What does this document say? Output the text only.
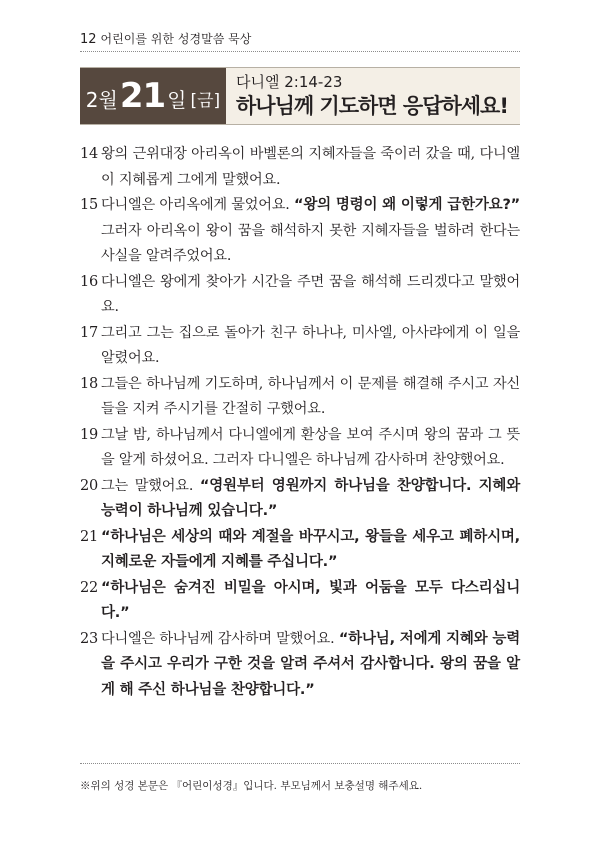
12 어린이를 위한 성경말씀 묵상
2월 21 일 [금]
다니엘 2:14-23
하나님께 기도하면 응답하세요!

14 왕의 근위대장 아리옥이 바벨론의 지혜자들을 죽이러 갔을 때, 다니엘이 지혜롭게 그에게 말했어요.

15 다니엘은 아리옥에게 물었어요. “왕의 명령이 왜 이렇게 급한가요?” 그러자 아리옥이 왕이 꿈을 해석하지 못한 지혜자들을 벌하려 한다는 사실을 알려주었어요.

16 다니엘은 왕에게 찾아가 시간을 주면 꿈을 해석해 드리겠다고 말했어요.

17 그리고 그는 집으로 돌아가 친구 하나냐, 미사엘, 아사랴에게 이 일을 알렸어요.

18 그들은 하나님께 기도하며, 하나님께서 이 문제를 해결해 주시고 자신들을 지켜 주시기를 간절히 구했어요.

19 그날 밤, 하나님께서 다니엘에게 환상을 보여 주시며 왕의 꿈과 그 뜻을 알게 하셨어요. 그러자 다니엘은 하나님께 감사하며 찬양했어요.

20 그는 말했어요. “영원부터 영원까지 하나님을 찬양합니다. 지혜와 능력이 하나님께 있습니다.”

21 “하나님은 세상의 때와 계절을 바꾸시고, 왕들을 세우고 폐하시며, 지혜로운 자들에게 지혜를 주십니다.”

22 “하나님은 숨겨진 비밀을 아시며, 빛과 어둠을 모두 다스리십니다.”

23 다니엘은 하나님께 감사하며 말했어요. “하나님, 저에게 지혜와 능력을 주시고 우리가 구한 것을 알려 주셔서 감사합니다. 왕의 꿈을 알게 해 주신 하나님을 찬양합니다.”

※위의 성경 본문은 『어린이성경』입니다. 부모님께서 보충설명 해주세요.
